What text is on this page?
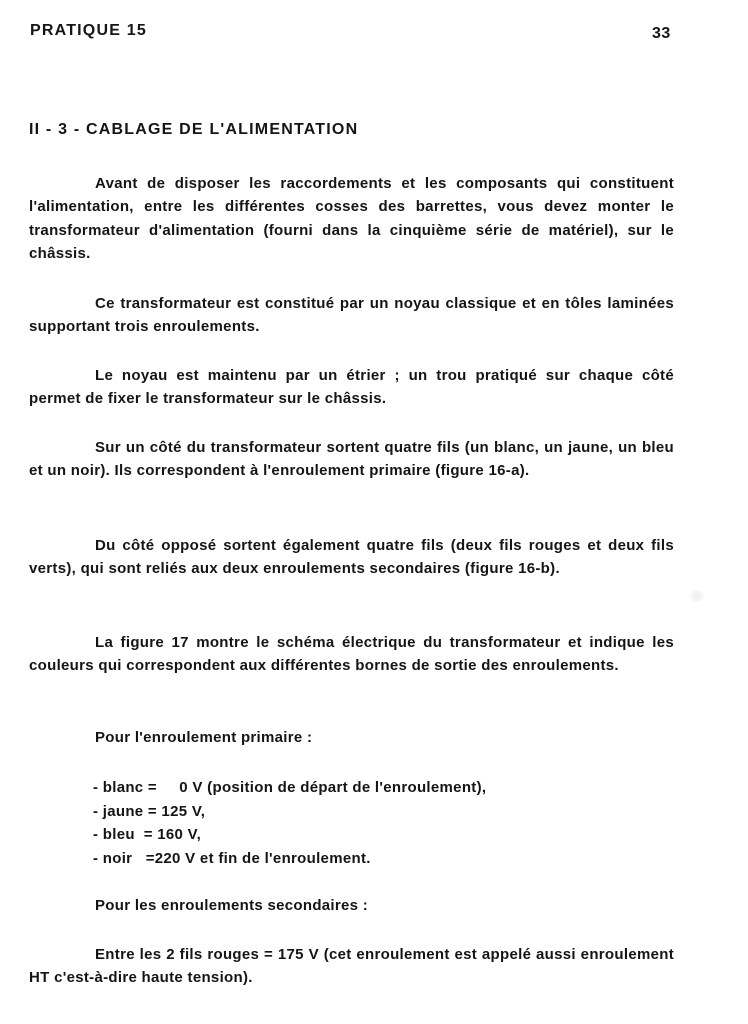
PRATIQUE 15	33
II - 3 - CABLAGE DE L'ALIMENTATION

Avant de disposer les raccordements et les composants qui constituent l'alimentation, entre les différentes cosses des barrettes, vous devez monter le transformateur d'alimentation (fourni dans la cinquième série de matériel), sur le châssis.

Ce transformateur est constitué par un noyau classique et en tôles laminées supportant trois enroulements.

Le noyau est maintenu par un étrier ; un trou pratiqué sur chaque côté permet de fixer le transformateur sur le châssis.

Sur un côté du transformateur sortent quatre fils (un blanc, un jaune, un bleu et un noir). Ils correspondent à l'enroulement primaire (figure 16-a).

Du côté opposé sortent également quatre fils (deux fils rouges et deux fils verts), qui sont reliés aux deux enroulements secondaires (figure 16-b).

La figure 17 montre le schéma électrique du transformateur et indique les couleurs qui correspondent aux différentes bornes de sortie des enroulements.

Pour l'enroulement primaire :
- blanc =     0 V (position de départ de l'enroulement),
- jaune = 125 V,
- bleu  = 160 V,
- noir   =220 V et fin de l'enroulement.
Pour les enroulements secondaires :

Entre les 2 fils rouges = 175 V (cet enroulement est appelé aussi enroulement HT c'est-à-dire haute tension).
